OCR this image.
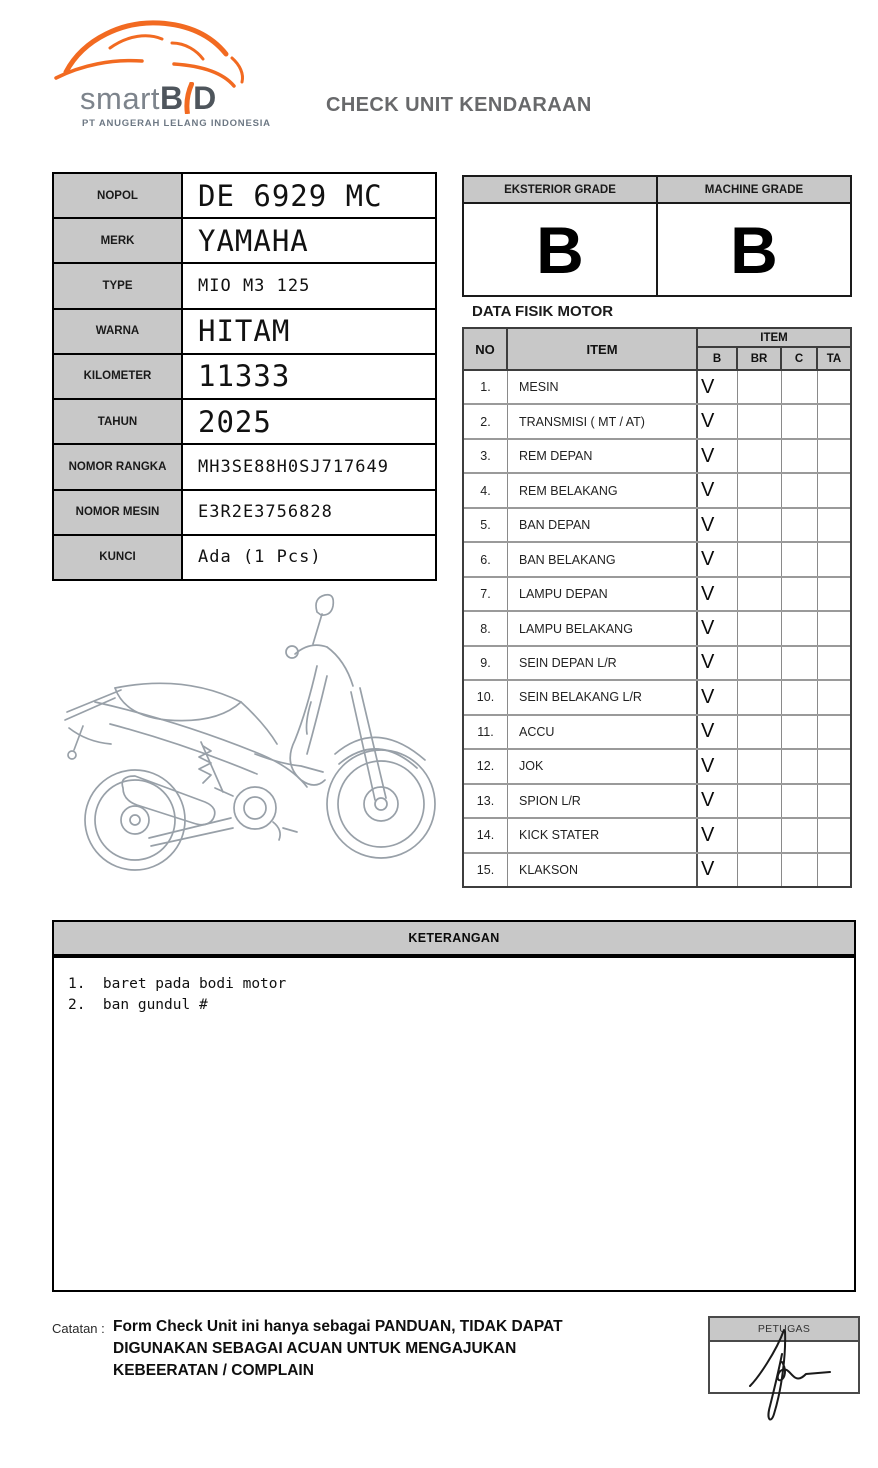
smart B D
PT ANUGERAH LELANG INDONESIA
CHECK UNIT KENDARAAN
NOPOL	DE 6929 MC
MERK	YAMAHA
TYPE	MIO M3 125
WARNA	HITAM
KILOMETER	11333
TAHUN	2025
NOMOR RANGKA	MH3SE88H0SJ717649
NOMOR MESIN	E3R2E3756828
KUNCI	Ada (1 Pcs)
EKSTERIOR GRADE
B
MACHINE GRADE
B
DATA FISIK MOTOR
NO	ITEM
ITEM
B	BR	C	TA
1.	MESIN	V
2.	TRANSMISI ( MT / AT)	V
3.	REM DEPAN	V
4.	REM BELAKANG	V
5.	BAN DEPAN	V
6.	BAN BELAKANG	V
7.	LAMPU DEPAN	V
8.	LAMPU BELAKANG	V
9.	SEIN DEPAN L/R	V
10.	SEIN BELAKANG L/R	V
11.	ACCU	V
12.	JOK	V
13.	SPION L/R	V
14.	KICK STATER	V
15.	KLAKSON	V
KETERANGAN
1.  baret pada bodi motor
2.  ban gundul #
Catatan : Form Check Unit ini hanya sebagai PANDUAN, TIDAK DAPAT
DIGUNAKAN SEBAGAI ACUAN UNTUK MENGAJUKAN
KEBEERATAN / COMPLAIN
PETUGAS
